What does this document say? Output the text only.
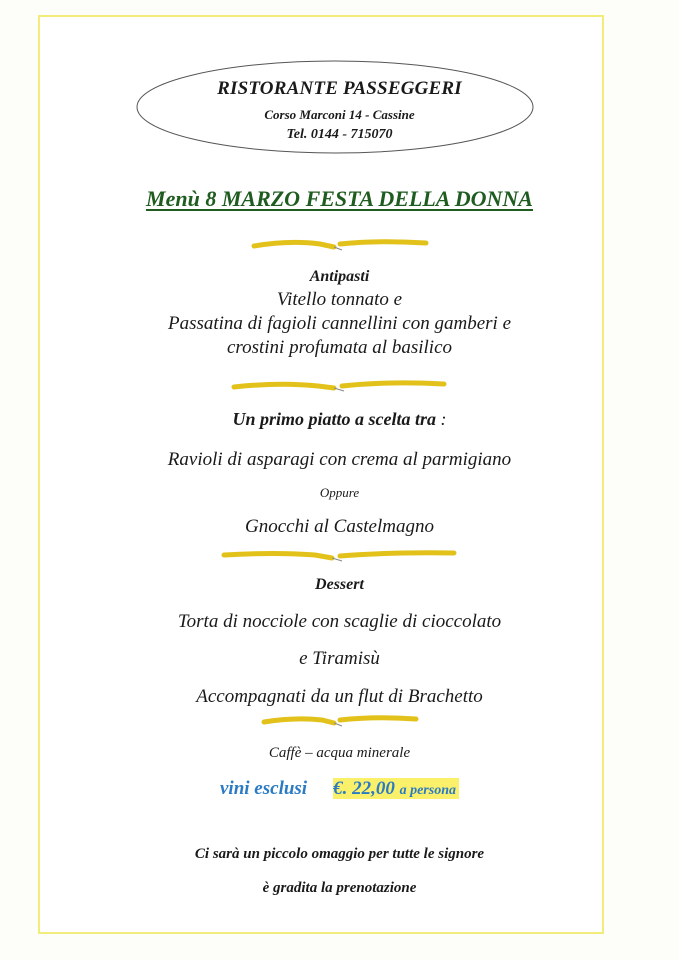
RISTORANTE PASSEGGERI
Corso Marconi 14 - Cassine
Tel. 0144 - 715070
Menù 8 MARZO FESTA DELLA DONNA
Antipasti
Vitello tonnato e
Passatina di fagioli cannellini con gamberi e
crostini profumata al basilico
Un primo piatto a scelta tra :
Ravioli di asparagi con crema al parmigiano
Oppure
Gnocchi al Castelmagno
Dessert
Torta di nocciole con scaglie di cioccolato
e Tiramisù
Accompagnati da un flut di Brachetto
Caffè – acqua minerale
vini esclusi €. 22,00 a persona
Ci sarà un piccolo omaggio per tutte le signore
è gradita la prenotazione
